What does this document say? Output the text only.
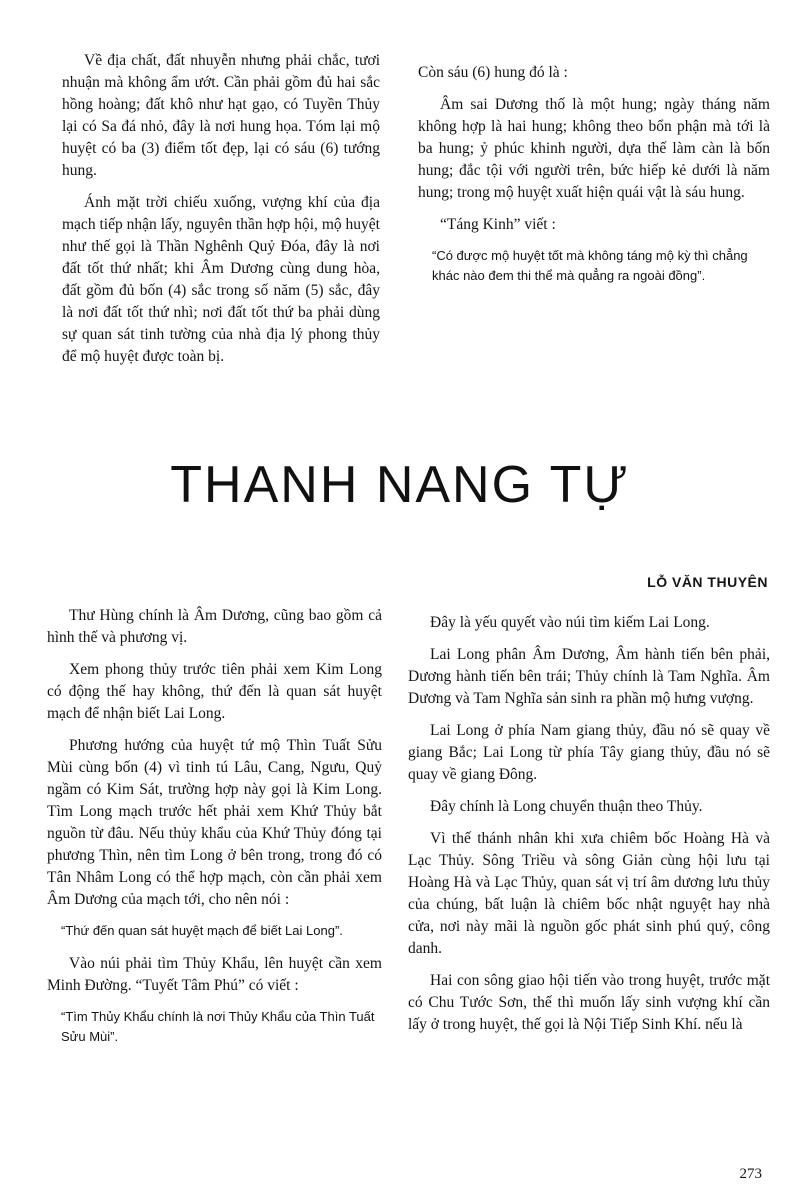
Về địa chất, đất nhuyễn nhưng phải chắc, tươi nhuận mà không ẩm ướt. Cần phải gồm đủ hai sắc hồng hoàng; đất khô như hạt gạo, có Tuyền Thủy lại có Sa đá nhỏ, đây là nơi hung họa. Tóm lại mộ huyệt có ba (3) điểm tốt đẹp, lại có sáu (6) tướng hung.

Ánh mặt trời chiếu xuống, vượng khí của địa mạch tiếp nhận lấy, nguyên thần hợp hội, mộ huyệt như thế gọi là Thần Nghênh Quỷ Đóa, đây là nơi đất tốt thứ nhất; khi Âm Dương cùng dung hòa, đất gồm đủ bốn (4) sắc trong số năm (5) sắc, đây là nơi đất tốt thứ nhì; nơi đất tốt thứ ba phải dùng sự quan sát tinh tường của nhà địa lý phong thủy để mộ huyệt được toàn bị.

Còn sáu (6) hung đó là :

Âm sai Dương thố là một hung; ngày tháng năm không hợp là hai hung; không theo bổn phận mà tới là ba hung; ỷ phúc khinh người, dựa thế làm càn là bốn hung; đắc tội với người trên, bức hiếp kẻ dưới là năm hung; trong mộ huyệt xuất hiện quái vật là sáu hung.

“Táng Kinh” viết :

“Có được mộ huyệt tốt mà không táng mộ kỳ thì chẳng khác nào đem thi thể mà quẳng ra ngoài đồng”.
THANH NANG TỰ
LỖ VĂN THUYÊN

Thư Hùng chính là Âm Dương, cũng bao gồm cả hình thế và phương vị.

Xem phong thủy trước tiên phải xem Kim Long có động thế hay không, thứ đến là quan sát huyệt mạch để nhận biết Lai Long.

Phương hướng của huyệt tứ mộ Thìn Tuất Sửu Mùi cùng bốn (4) vì tinh tú Lâu, Cang, Ngưu, Quỷ ngầm có Kim Sát, trường hợp này gọi là Kim Long. Tìm Long mạch trước hết phải xem Khứ Thủy bắt nguồn từ đâu. Nếu thủy khẩu của Khứ Thủy đóng tại phương Thìn, nên tìm Long ở bên trong, trong đó có Tân Nhâm Long có thể hợp mạch, còn cần phải xem Âm Dương của mạch tới, cho nên nói :

“Thứ đến quan sát huyệt mạch để biết Lai Long”.

Vào núi phải tìm Thủy Khẩu, lên huyệt cần xem Minh Đường. “Tuyết Tâm Phú” có viết :

“Tìm Thủy Khẩu chính là nơi Thủy Khẩu của Thìn Tuất Sửu Mùi”.

Đây là yếu quyết vào núi tìm kiếm Lai Long.

Lai Long phân Âm Dương, Âm hành tiến bên phải, Dương hành tiến bên trái; Thủy chính là Tam Nghĩa. Âm Dương và Tam Nghĩa sản sinh ra phần mộ hưng vượng.

Lai Long ở phía Nam giang thủy, đầu nó sẽ quay về giang Bắc; Lai Long từ phía Tây giang thủy, đầu nó sẽ quay về giang Đông.

Đây chính là Long chuyển thuận theo Thủy.

Vì thế thánh nhân khi xưa chiêm bốc Hoàng Hà và Lạc Thủy. Sông Triều và sông Giản cùng hội lưu tại Hoàng Hà và Lạc Thủy, quan sát vị trí âm dương lưu thủy của chúng, bất luận là chiêm bốc nhật nguyệt hay nhà cửa, nơi này mãi là nguồn gốc phát sinh phú quý, công danh.

Hai con sông giao hội tiến vào trong huyệt, trước mặt có Chu Tước Sơn, thế thì muốn lấy sinh vượng khí cần lấy ở trong huyệt, thế gọi là Nội Tiếp Sinh Khí. nếu là

273
